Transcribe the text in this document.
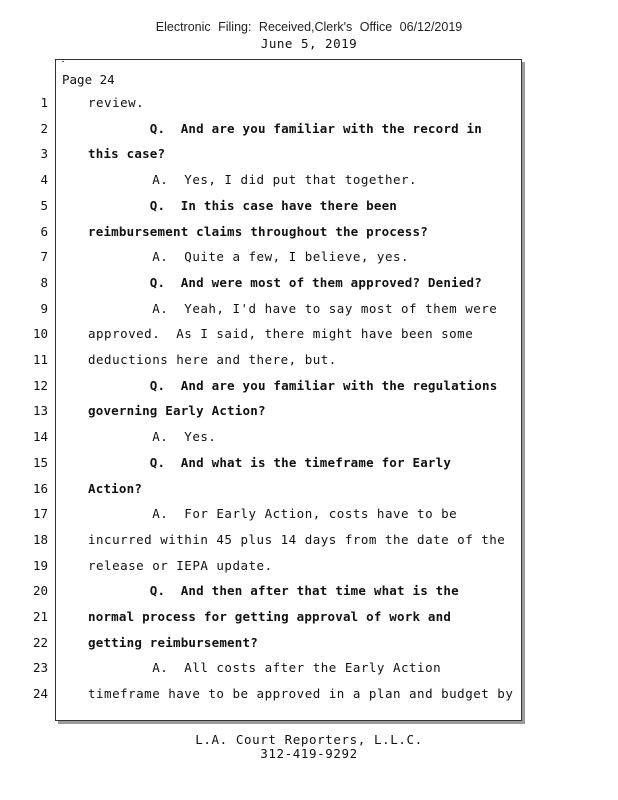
Electronic Filing: Received,Clerk's Office 06/12/2019
June 5, 2019
Page 24
1	review.
2	Q.  And are you familiar with the record in
3	this case?
4	A.  Yes, I did put that together.
5	Q.  In this case have there been
6	reimbursement claims throughout the process?
7	A.  Quite a few, I believe, yes.
8	Q.  And were most of them approved? Denied?
9	A.  Yeah, I'd have to say most of them were
10	approved.  As I said, there might have been some
11	deductions here and there, but.
12	Q.  And are you familiar with the regulations
13	governing Early Action?
14	A.  Yes.
15	Q.  And what is the timeframe for Early
16	Action?
17	A.  For Early Action, costs have to be
18	incurred within 45 plus 14 days from the date of the
19	release or IEPA update.
20	Q.  And then after that time what is the
21	normal process for getting approval of work and
22	getting reimbursement?
23	A.  All costs after the Early Action
24	timeframe have to be approved in a plan and budget by
L.A. Court Reporters, L.L.C.
312-419-9292
